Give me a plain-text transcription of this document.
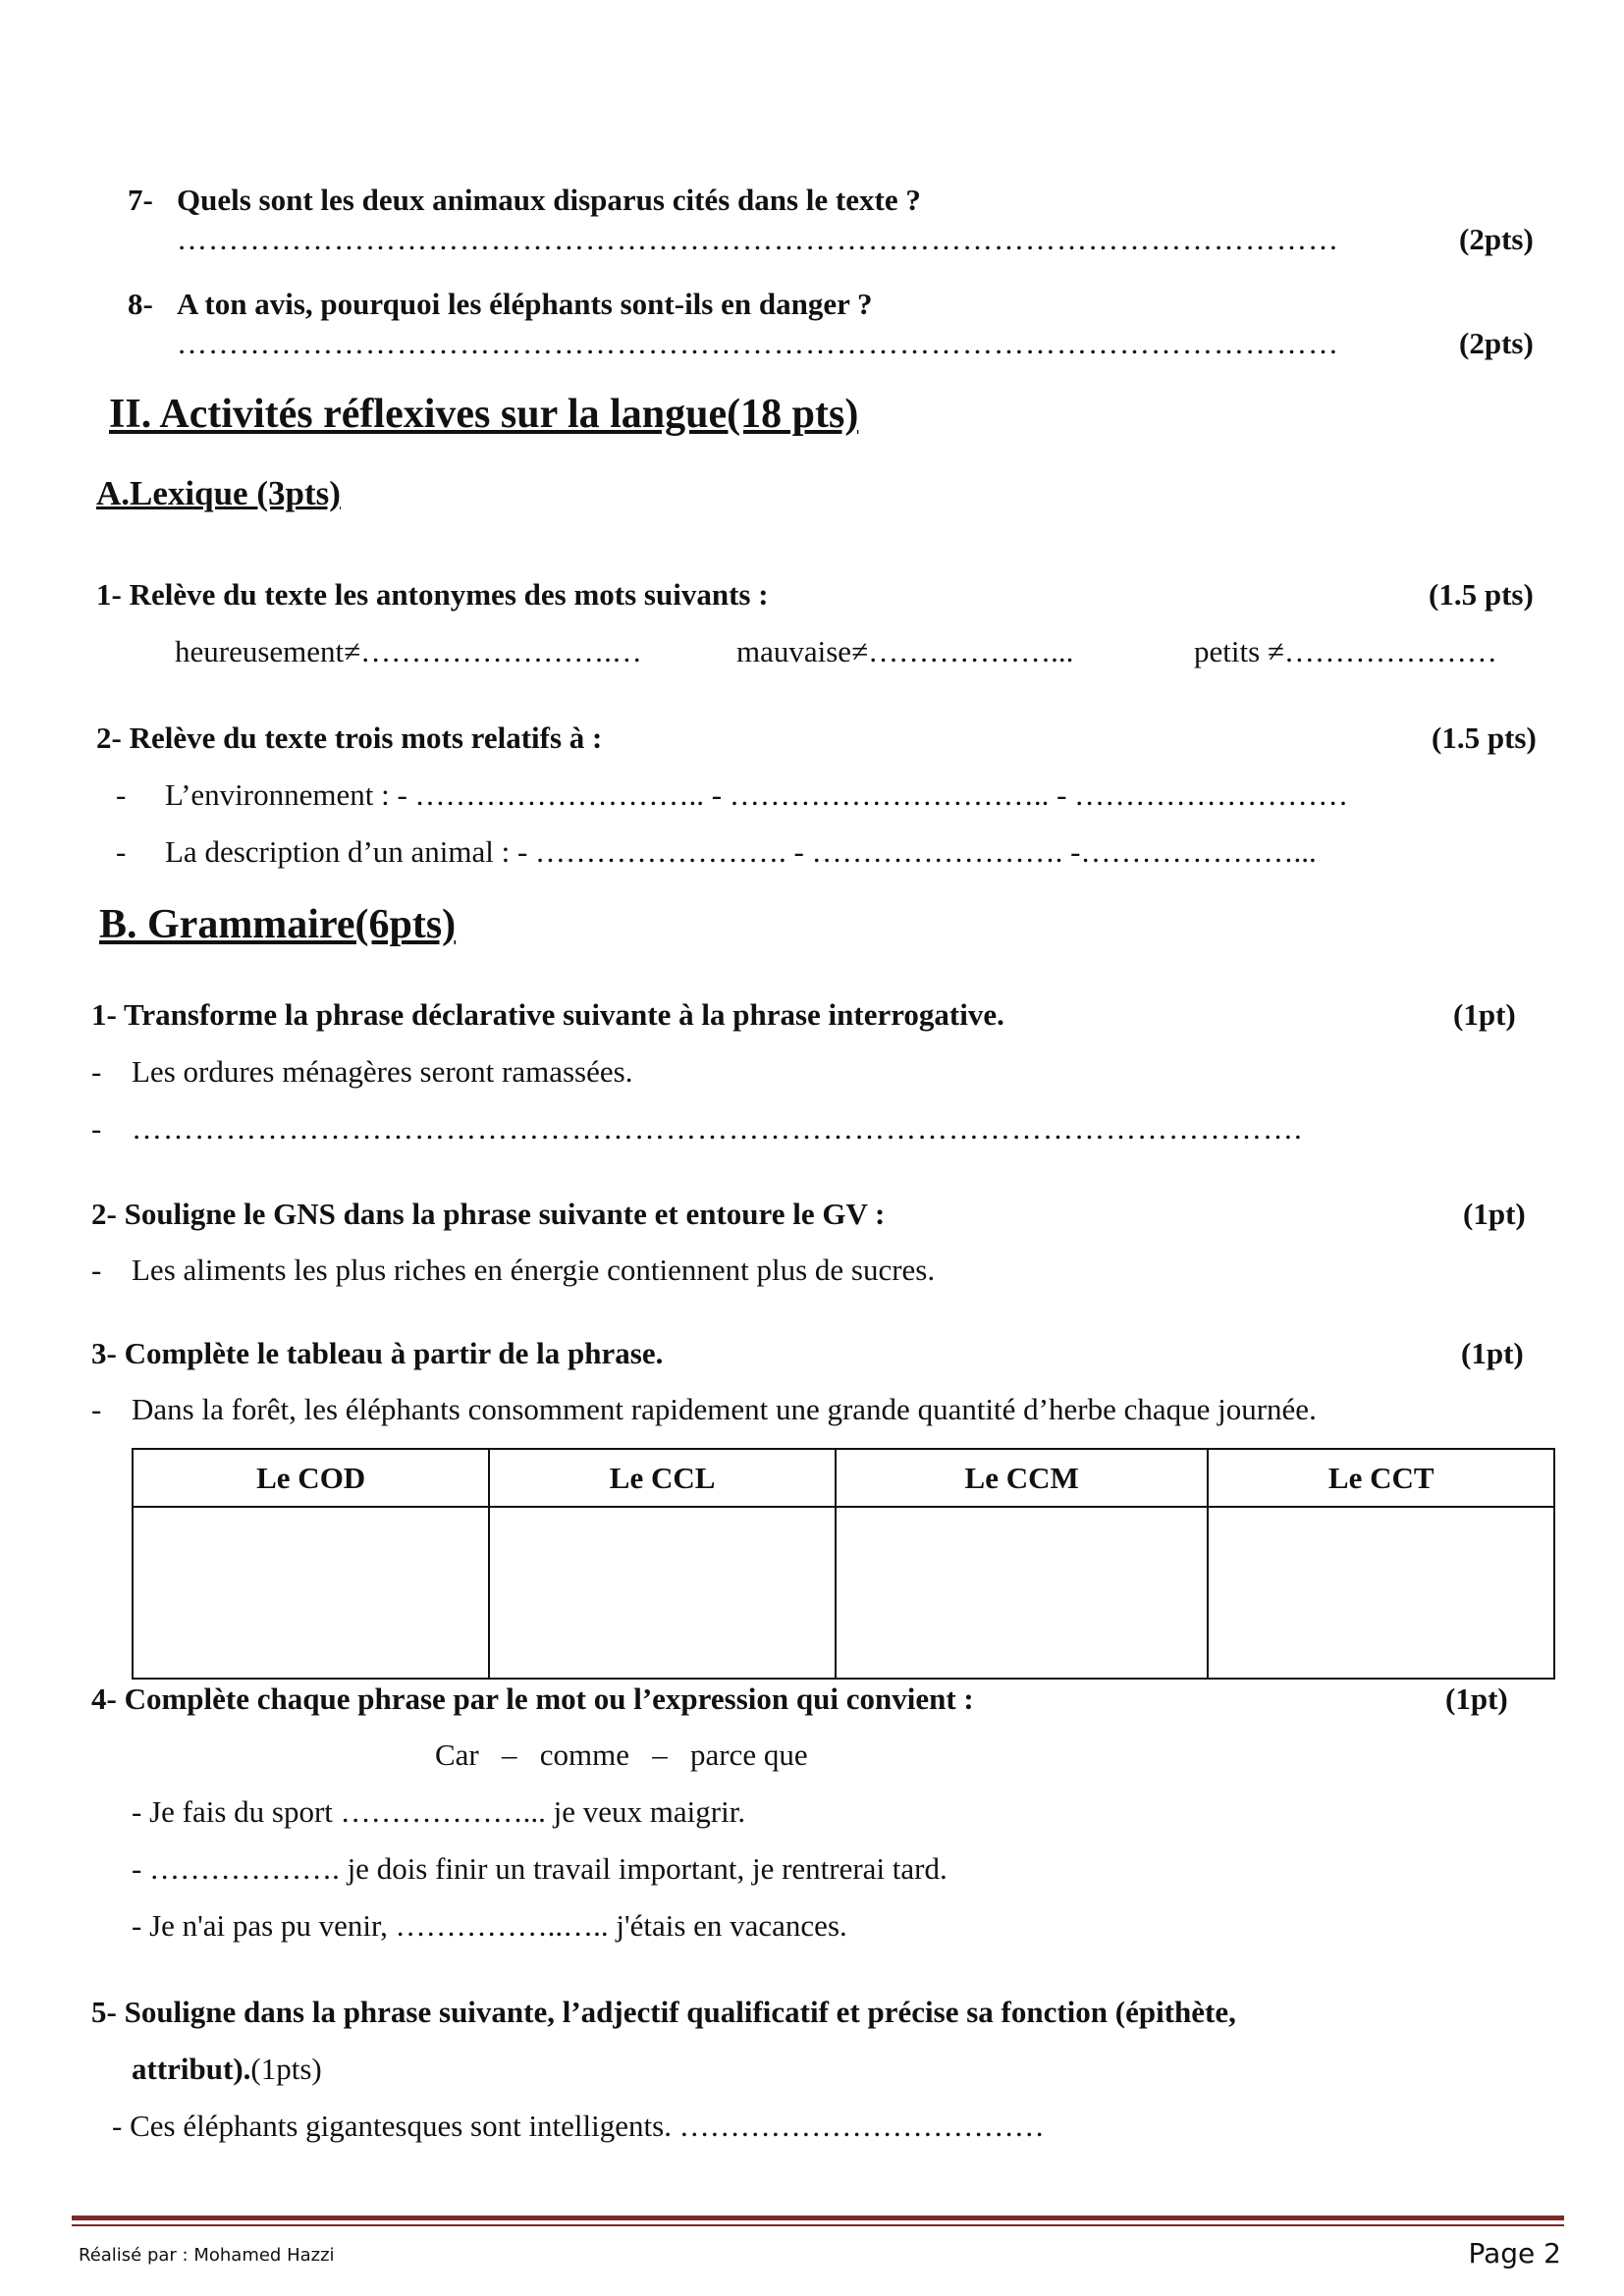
7- Quels sont les deux animaux disparus cités dans le texte ?
…………………………………………………………………………………………………	(2pts)
8- A ton avis, pourquoi les éléphants sont-ils en danger ?
…………………………………………………………………………………………………	(2pts)
II. Activités réflexives sur la langue(18 pts)
A.Lexique (3pts)
1- Relève du texte les antonymes des mots suivants :	(1.5 pts)
heureusement≠…………………….…	mauvaise≠………………...	petits ≠…………………
2- Relève du texte trois mots relatifs à :	(1.5 pts)
- L’environnement : - ……………………….. - ………………………….. - ………………………
- La description d’un animal : - ……………………. - ……………………. -…………………...
B. Grammaire(6pts)
1- Transforme la phrase déclarative suivante à la phrase interrogative.	(1pt)
- Les ordures ménagères seront ramassées.
- ………………………………………………………………………………………………….
2- Souligne le GNS dans la phrase suivante et entoure le GV :	(1pt)
- Les aliments les plus riches en énergie contiennent plus de sucres.
3- Complète le tableau à partir de la phrase.	(1pt)
- Dans la forêt, les éléphants consomment rapidement une grande quantité d’herbe chaque journée.
Le COD	Le CCL	Le CCM	Le CCT

4- Complète chaque phrase par le mot ou l’expression qui convient :	(1pt)
Car   –   comme   –   parce que
- Je fais du sport ………………... je veux maigrir.
- ………………. je dois finir un travail important, je rentrerai tard.
- Je n'ai pas pu venir, ……………..….. j'étais en vacances.
5- Souligne dans la phrase suivante, l’adjectif qualificatif et précise sa fonction (épithète,
attribut).(1pts)
- Ces éléphants gigantesques sont intelligents. ………………………………
Réalisé par : Mohamed Hazzi	Page 2
